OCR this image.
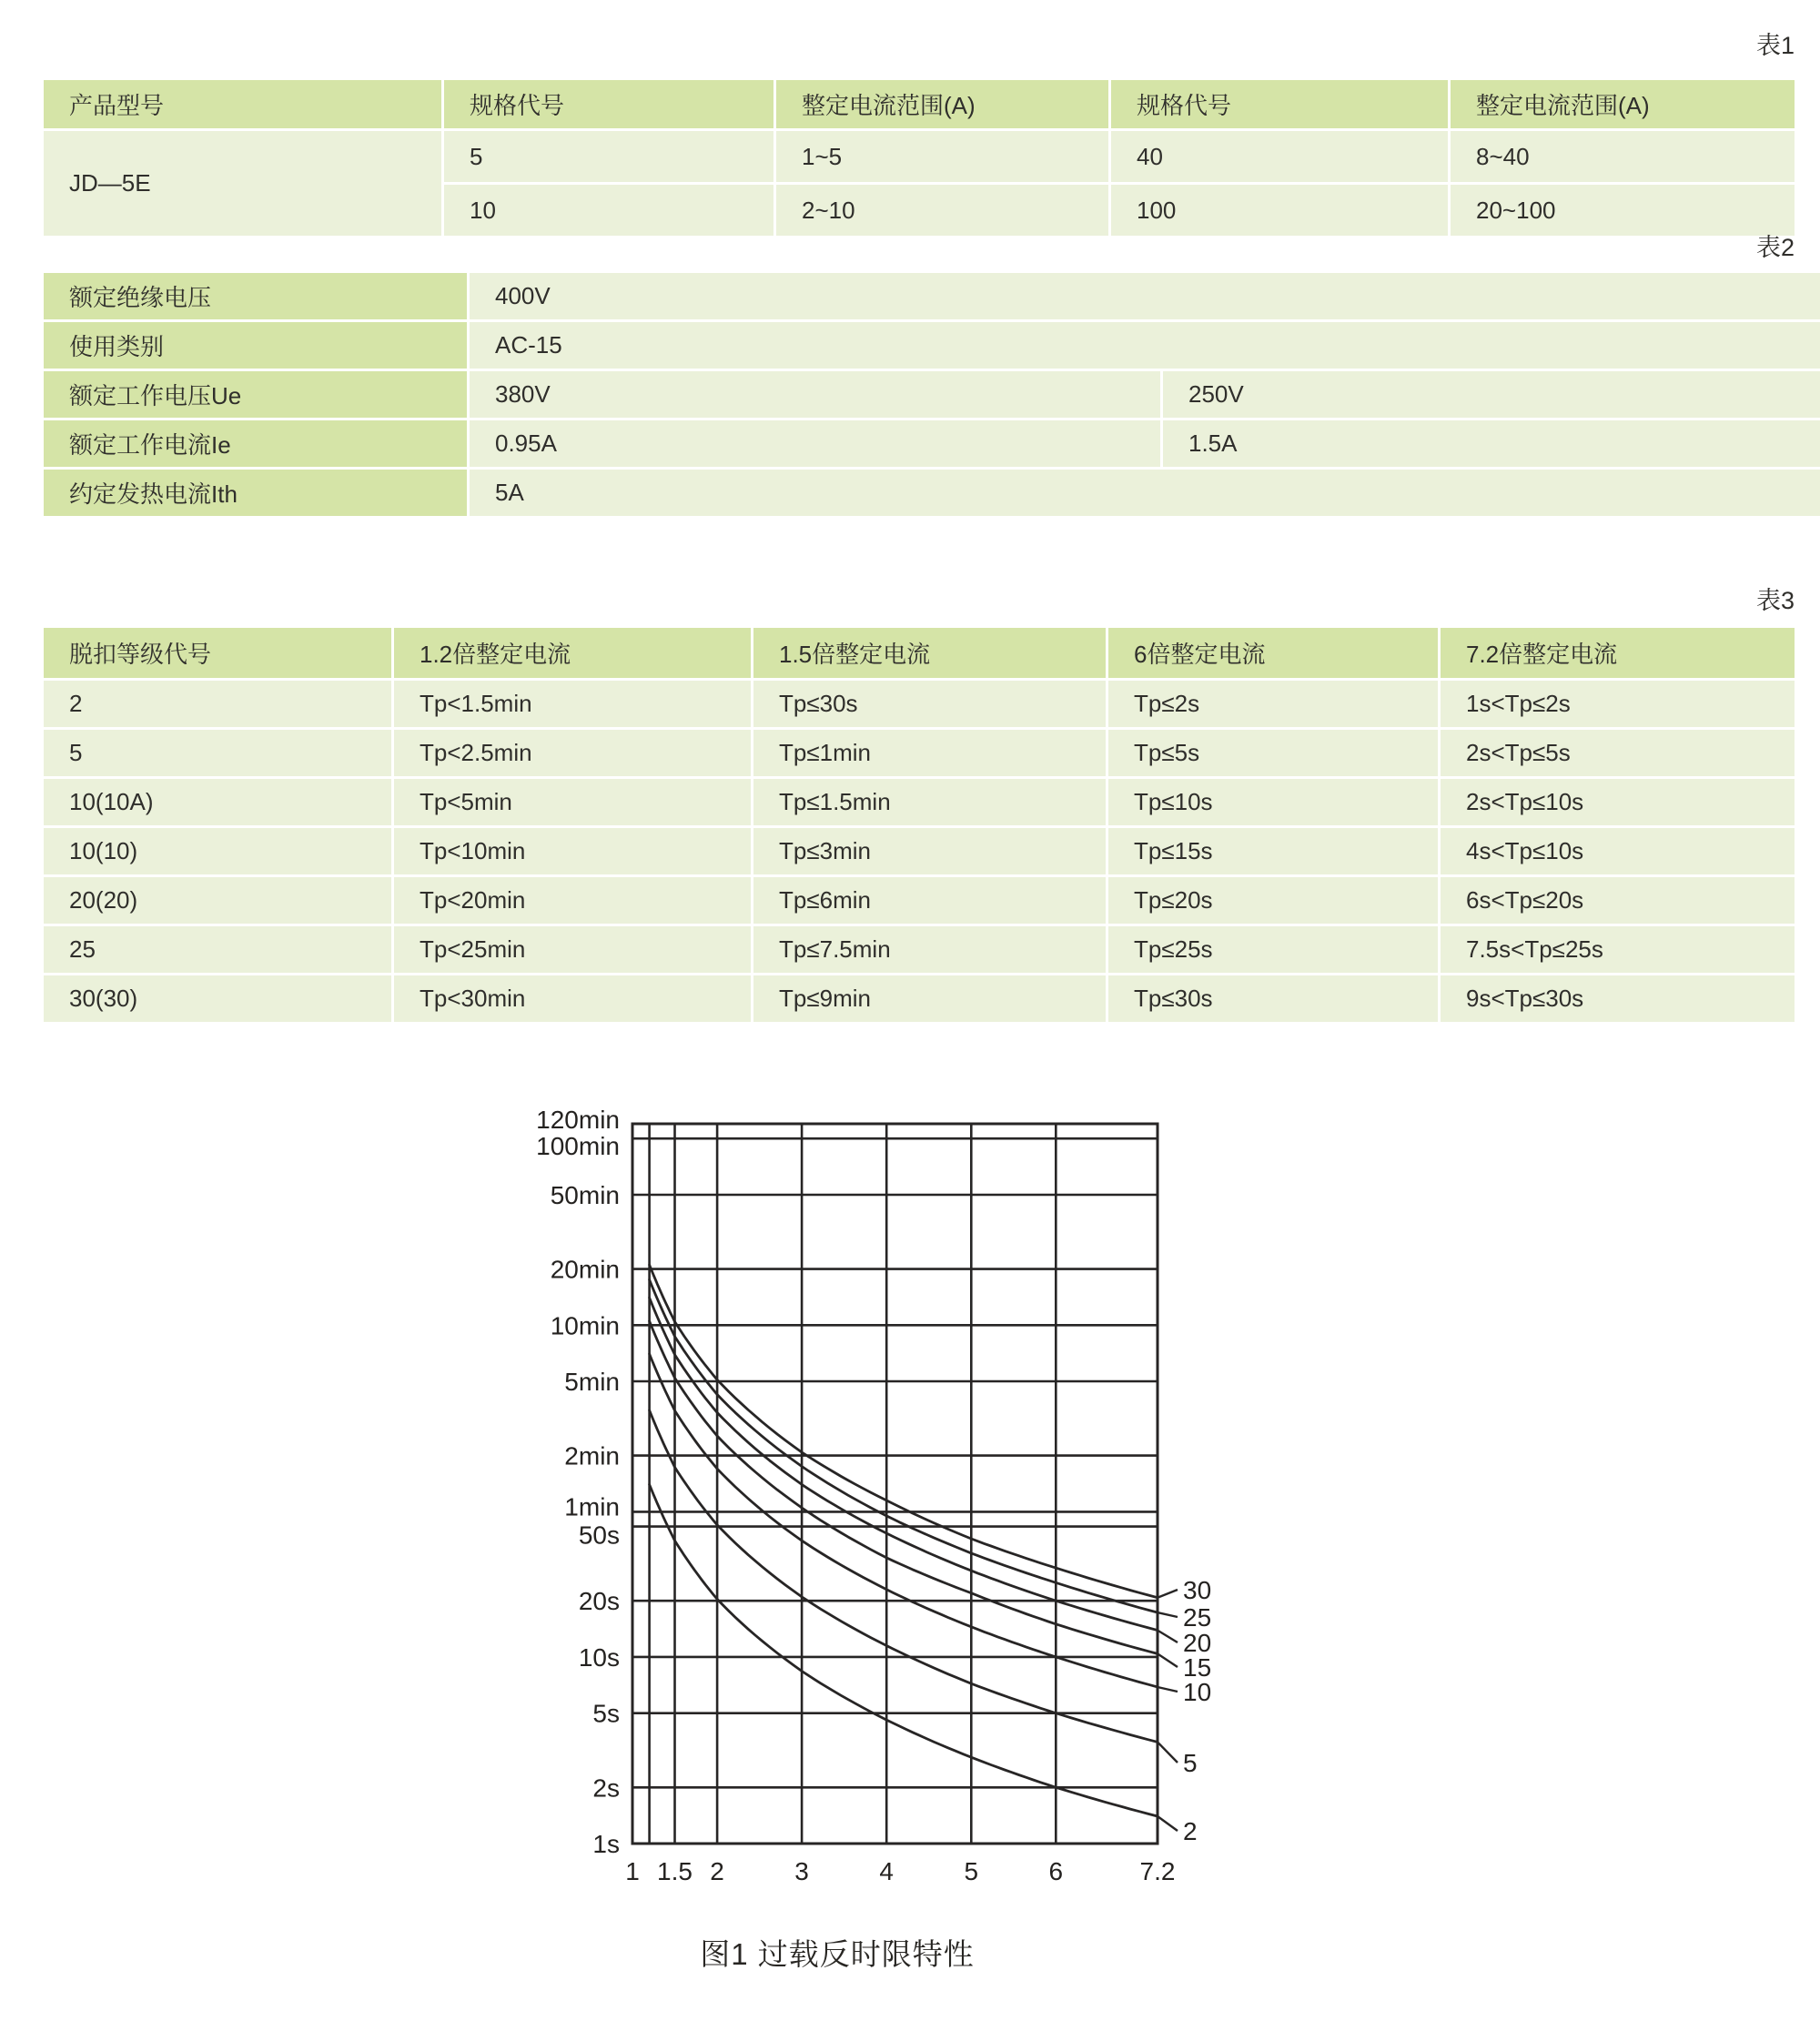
表1
产品型号	规格代号	整定电流范围(A)	规格代号	整定电流范围(A)
JD—5E
5	1~5	40	8~40
10	2~10	100	20~100
表2
额定绝缘电压	400V
使用类别	AC-15
额定工作电压Ue	380V	250V
额定工作电流Ie	0.95A	1.5A
约定发热电流Ith	5A
表3
脱扣等级代号	1.2倍整定电流	1.5倍整定电流	6倍整定电流	7.2倍整定电流
2	Tp<1.5min	Tp≤30s	Tp≤2s	1s<Tp≤2s
5	Tp<2.5min	Tp≤1min	Tp≤5s	2s<Tp≤5s
10(10A)	Tp<5min	Tp≤1.5min	Tp≤10s	2s<Tp≤10s
10(10)	Tp<10min	Tp≤3min	Tp≤15s	4s<Tp≤10s
20(20)	Tp<20min	Tp≤6min	Tp≤20s	6s<Tp≤20s
25	Tp<25min	Tp≤7.5min	Tp≤25s	7.5s<Tp≤25s
30(30)	Tp<30min	Tp≤9min	Tp≤30s	9s<Tp≤30s
120min
100min
50min
20min
10min
5min
2min
1min
50s
20s
10s
5s
2s
1s
1 1.5 2	3	4	5	6	7.2
30
25
20
15
10
5
2
图1 过载反时限特性
